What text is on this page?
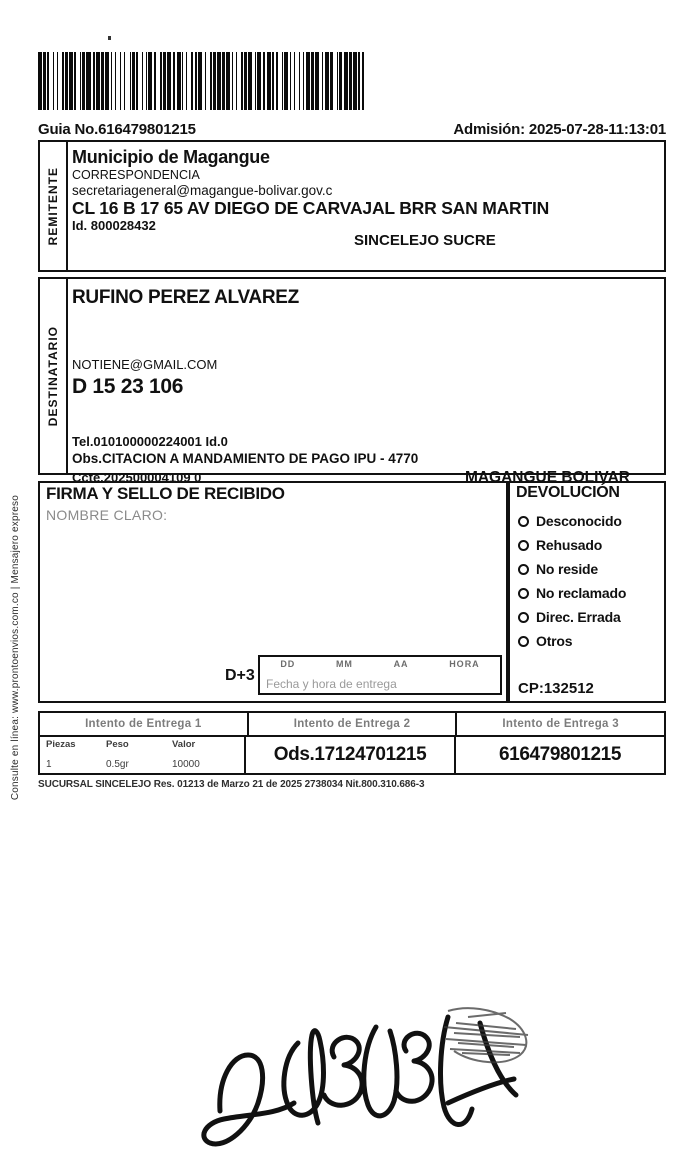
Guia No.616479801215	Admisión: 2025-07-28-11:13:01
REMITENTE
Municipio de Magangue
CORRESPONDENCIA
secretariageneral@magangue-bolivar.gov.c
CL 16 B 17 65 AV DIEGO DE CARVAJAL BRR SAN MARTIN
Id. 800028432
SINCELEJO SUCRE
DESTINATARIO
RUFINO PEREZ ALVAREZ
NOTIENE@GMAIL.COM
D 15 23 106
Tel.010100000224001 Id.0
Obs.CITACION A MANDAMIENTO DE PAGO IPU - 4770
Ccte.202500004109 0	MAGANGUE BOLIVAR
FIRMA Y SELLO DE RECIBIDO
NOMBRE CLARO:
D+3
DD	MM	AA	HORA
Fecha y hora de entrega
DEVOLUCIÓN
Desconocido
Rehusado
No reside
No reclamado
Direc. Errada
Otros
CP:132512
Intento de Entrega 1	Intento de Entrega 2	Intento de Entrega 3
Piezas	Peso	Valor
1	0.5gr	10000	Ods.17124701215	616479801215
SUCURSAL SINCELEJO Res. 01213 de Marzo 21 de 2025 2738034 Nit.800.310.686-3
Consulte en línea: www.prontoenvios.com.co | Mensajero expreso
